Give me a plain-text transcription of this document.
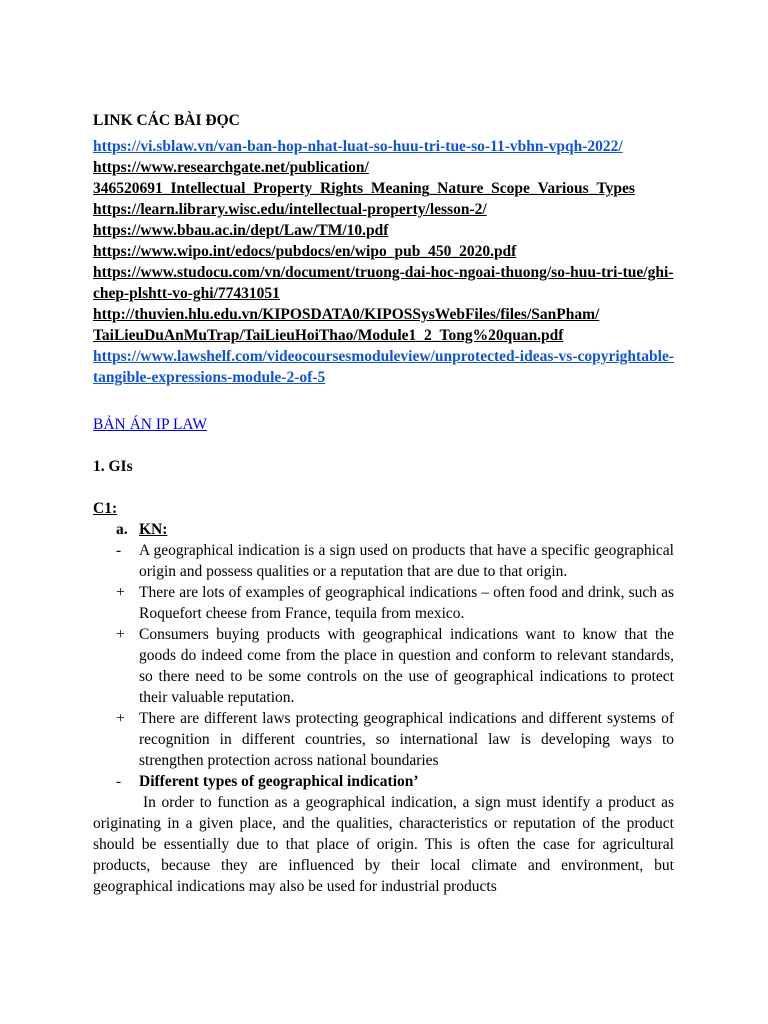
LINK CÁC BÀI ĐỌC
https://vi.sblaw.vn/van-ban-hop-nhat-luat-so-huu-tri-tue-so-11-vbhn-vpqh-2022/
https://www.researchgate.net/publication/
346520691_Intellectual_Property_Rights_Meaning_Nature_Scope_Various_Types
https://learn.library.wisc.edu/intellectual-property/lesson-2/
https://www.bbau.ac.in/dept/Law/TM/10.pdf
https://www.wipo.int/edocs/pubdocs/en/wipo_pub_450_2020.pdf
https://www.studocu.com/vn/document/truong-dai-hoc-ngoai-thuong/so-huu-tri-tue/ghi-chep-plshtt-vo-ghi/77431051
http://thuvien.hlu.edu.vn/KIPOSDATA0/KIPOSSysWebFiles/files/SanPham/
TaiLieuDuAnMuTrap/TaiLieuHoiThao/Module1_2_Tong%20quan.pdf
https://www.lawshelf.com/videocoursesmoduleview/unprotected-ideas-vs-copyrightable-tangible-expressions-module-2-of-5
BẢN ÁN IP LAW
1. GIs
C1:
a. KN:
-	A geographical indication is a sign used on products that have a specific geographical origin and possess qualities or a reputation that are due to that origin.
+ There are lots of examples of geographical indications – often food and drink, such as Roquefort cheese from France, tequila from mexico.
+ Consumers buying products with geographical indications want to know that the goods do indeed come from the place in question and conform to relevant standards, so there need to be some controls on the use of geographical indications to protect their valuable reputation.
+ There are different laws protecting geographical indications and different systems of recognition in different countries, so international law is developing ways to strengthen protection across national boundaries
-	Different types of geographical indication’

In order to function as a geographical indication, a sign must identify a product as originating in a given place, and the qualities, characteristics or reputation of the product should be essentially due to that place of origin. This is often the case for agricultural products, because they are influenced by their local climate and environment, but geographical indications may also be used for industrial products
